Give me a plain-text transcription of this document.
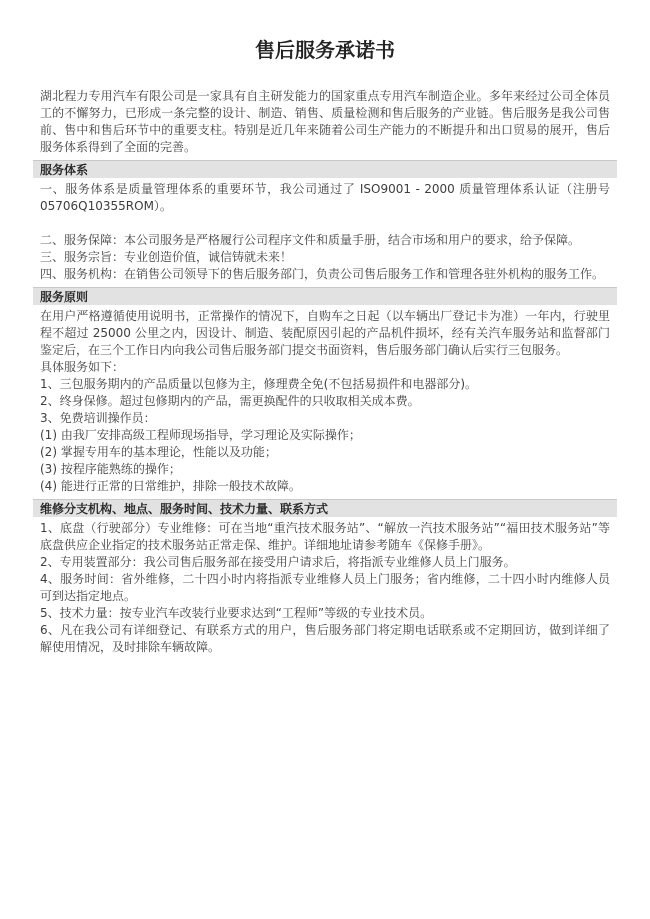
售后服务承诺书

湖北程力专用汽车有限公司是一家具有自主研发能力的国家重点专用汽车制造企业。多年来经过公司全体员工的不懈努力，已形成一条完整的设计、制造、销售、质量检测和售后服务的产业链。售后服务是我公司售前、售中和售后环节中的重要支柱。特别是近几年来随着公司生产能力的不断提升和出口贸易的展开，售后服务体系得到了全面的完善。

服务体系

一、服务体系是质量管理体系的重要环节，我公司通过了 ISO9001 - 2000 质量管理体系认证（注册号 05706Q10355ROM）。

二、服务保障：本公司服务是严格履行公司程序文件和质量手册，结合市场和用户的要求，给予保障。

三、服务宗旨：专业创造价值，诚信铸就未来！

四、服务机构：在销售公司领导下的售后服务部门，负责公司售后服务工作和管理各驻外机构的服务工作。

服务原则

在用户严格遵循使用说明书，正常操作的情况下，自购车之日起（以车辆出厂登记卡为准）一年内，行驶里程不超过 25000 公里之内，因设计、制造、装配原因引起的产品机件损坏，经有关汽车服务站和监督部门鉴定后，在三个工作日内向我公司售后服务部门提交书面资料，售后服务部门确认后实行三包服务。

具体服务如下：

1、三包服务期内的产品质量以包修为主，修理费全免(不包括易损件和电器部分)。

2、终身保修。超过包修期内的产品，需更换配件的只收取相关成本费。

3、免费培训操作员：

(1) 由我厂安排高级工程师现场指导，学习理论及实际操作；

(2) 掌握专用车的基本理论，性能以及功能；

(3) 按程序能熟练的操作；

(4) 能进行正常的日常维护，排除一般技术故障。

维修分支机构、地点、服务时间、技术力量、联系方式

1、底盘（行驶部分）专业维修：可在当地“重汽技术服务站”、“解放一汽技术服务站”“福田技术服务站”等底盘供应企业指定的技术服务站正常走保、维护。详细地址请参考随车《保修手册》。

2、专用装置部分：我公司售后服务部在接受用户请求后，将指派专业维修人员上门服务。

4、服务时间：省外维修，二十四小时内将指派专业维修人员上门服务；省内维修，二十四小时内维修人员可到达指定地点。

5、技术力量：按专业汽车改装行业要求达到“工程师”等级的专业技术员。

6、凡在我公司有详细登记、有联系方式的用户，售后服务部门将定期电话联系或不定期回访，做到详细了解使用情况，及时排除车辆故障。
